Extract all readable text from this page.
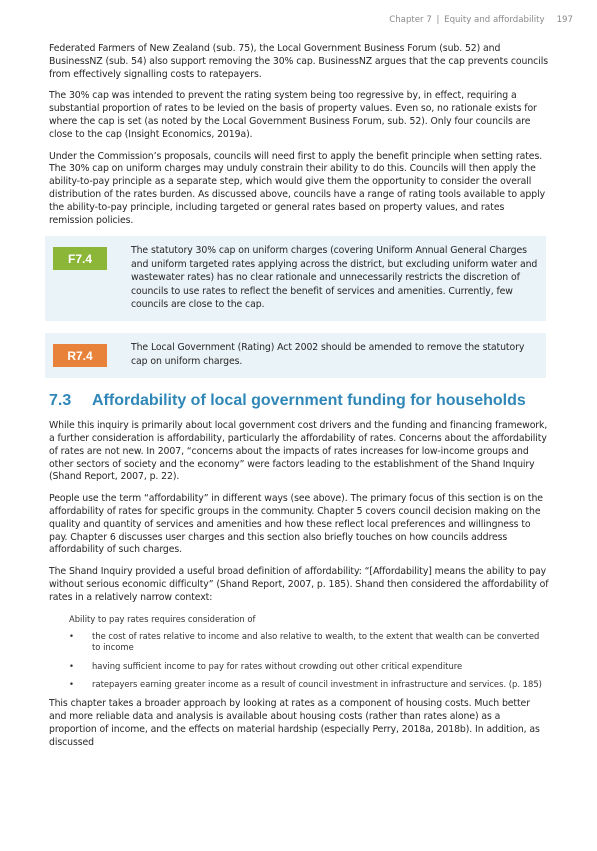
Chapter 7 | Equity and affordability 197

Federated Farmers of New Zealand (sub. 75), the Local Government Business Forum (sub. 52) and BusinessNZ (sub. 54) also support removing the 30% cap. BusinessNZ argues that the cap prevents councils from effectively signalling costs to ratepayers.

The 30% cap was intended to prevent the rating system being too regressive by, in effect, requiring a substantial proportion of rates to be levied on the basis of property values. Even so, no rationale exists for where the cap is set (as noted by the Local Government Business Forum, sub. 52). Only four councils are close to the cap (Insight Economics, 2019a).

Under the Commission’s proposals, councils will need first to apply the benefit principle when setting rates. The 30% cap on uniform charges may unduly constrain their ability to do this. Councils will then apply the ability-to-pay principle as a separate step, which would give them the opportunity to consider the overall distribution of the rates burden. As discussed above, councils have a range of rating tools available to apply the ability-to-pay principle, including targeted or general rates based on property values, and rates remission policies.

F7.4
The statutory 30% cap on uniform charges (covering Uniform Annual General Charges and uniform targeted rates applying across the district, but excluding uniform water and wastewater rates) has no clear rationale and unnecessarily restricts the discretion of councils to use rates to reflect the benefit of services and amenities. Currently, few councils are close to the cap.
R7.4
The Local Government (Rating) Act 2002 should be amended to remove the statutory cap on uniform charges.
7.3	Affordability of local government funding for households

While this inquiry is primarily about local government cost drivers and the funding and financing framework, a further consideration is affordability, particularly the affordability of rates. Concerns about the affordability of rates are not new. In 2007, “concerns about the impacts of rates increases for low-income groups and other sectors of society and the economy” were factors leading to the establishment of the Shand Inquiry (Shand Report, 2007, p. 22).

People use the term “affordability” in different ways (see above). The primary focus of this section is on the affordability of rates for specific groups in the community. Chapter 5 covers council decision making on the quality and quantity of services and amenities and how these reflect local preferences and willingness to pay. Chapter 6 discusses user charges and this section also briefly touches on how councils address affordability of such charges.

The Shand Inquiry provided a useful broad definition of affordability: “[Affordability] means the ability to pay without serious economic difficulty” (Shand Report, 2007, p. 185). Shand then considered the affordability of rates in a relatively narrow context:

Ability to pay rates requires consideration of
• the cost of rates relative to income and also relative to wealth, to the extent that wealth can be converted to income
• having sufficient income to pay for rates without crowding out other critical expenditure
• ratepayers earning greater income as a result of council investment in infrastructure and services. (p. 185)

This chapter takes a broader approach by looking at rates as a component of housing costs. Much better and more reliable data and analysis is available about housing costs (rather than rates alone) as a proportion of income, and the effects on material hardship (especially Perry, 2018a, 2018b). In addition, as discussed
